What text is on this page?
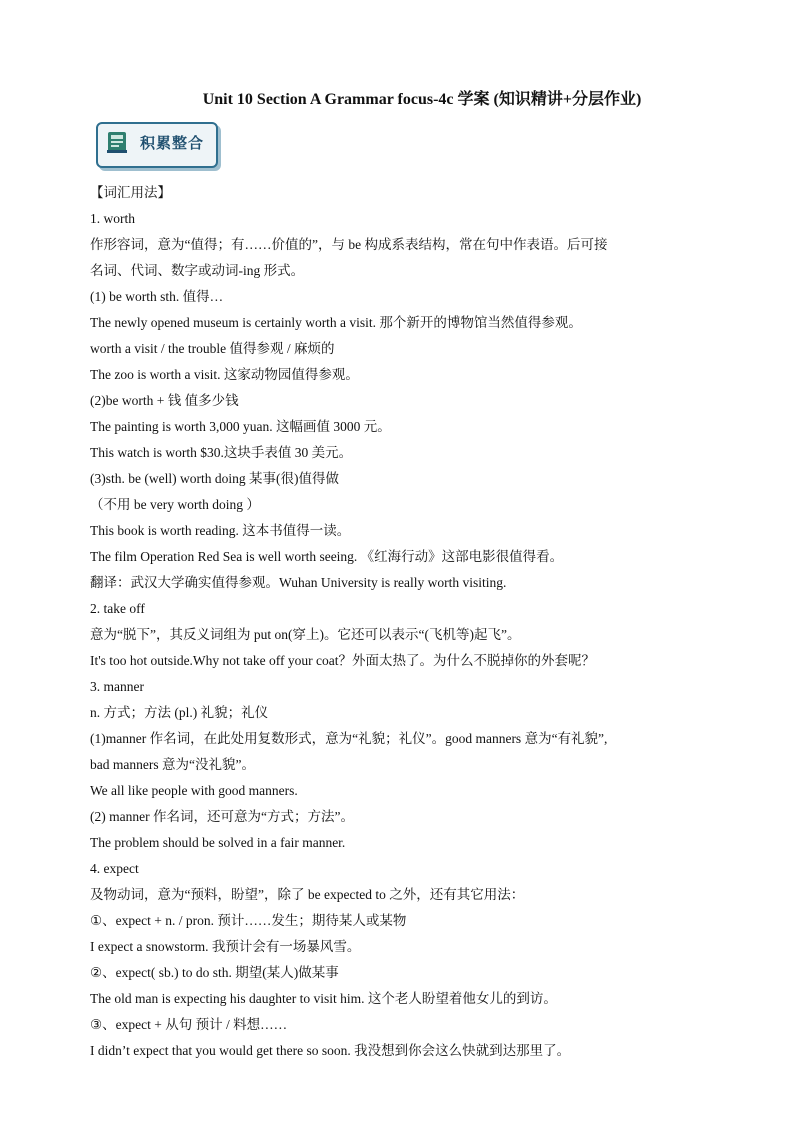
Unit 10 Section A Grammar focus-4c 学案 (知识精讲+分层作业)
积累整合
【词汇用法】
1. worth
作形容词，意为“值得；有……价值的”，与 be 构成系表结构，常在句中作表语。后可接
名词、代词、数字或动词-ing 形式。
(1) be worth sth. 值得…
The newly opened museum is certainly worth a visit. 那个新开的博物馆当然值得参观。
worth a visit / the trouble 值得参观 / 麻烦的
The zoo is worth a visit. 这家动物园值得参观。
(2)be worth + 钱 值多少钱
The painting is worth 3,000 yuan. 这幅画值 3000 元。
This watch is worth $30.这块手表值 30 美元。
(3)sth. be (well) worth doing 某事(很)值得做
（不用 be very worth doing ）
This book is worth reading. 这本书值得一读。
The film Operation Red Sea is well worth seeing. 《红海行动》这部电影很值得看。
翻译：武汉大学确实值得参观。Wuhan University is really worth visiting.
2. take off
意为“脱下”，其反义词组为 put on(穿上)。它还可以表示“(飞机等)起飞”。
It's too hot outside.Why not take off your coat？外面太热了。为什么不脱掉你的外套呢？
3. manner
n. 方式；方法 (pl.) 礼貌；礼仪
(1)manner 作名词，在此处用复数形式，意为“礼貌；礼仪”。good manners 意为“有礼貌”,
bad manners 意为“没礼貌”。
We all like people with good manners.
(2) manner 作名词，还可意为“方式；方法”。
The problem should be solved in a fair manner.
4. expect
及物动词，意为“预料，盼望”，除了 be expected to 之外，还有其它用法：
①、expect + n. / pron. 预计……发生；期待某人或某物
I expect a snowstorm. 我预计会有一场暴风雪。
②、expect( sb.) to do sth. 期望(某人)做某事
The old man is expecting his daughter to visit him. 这个老人盼望着他女儿的到访。
③、expect + 从句 预计 / 料想……
I didn’t expect that you would get there so soon. 我没想到你会这么快就到达那里了。
